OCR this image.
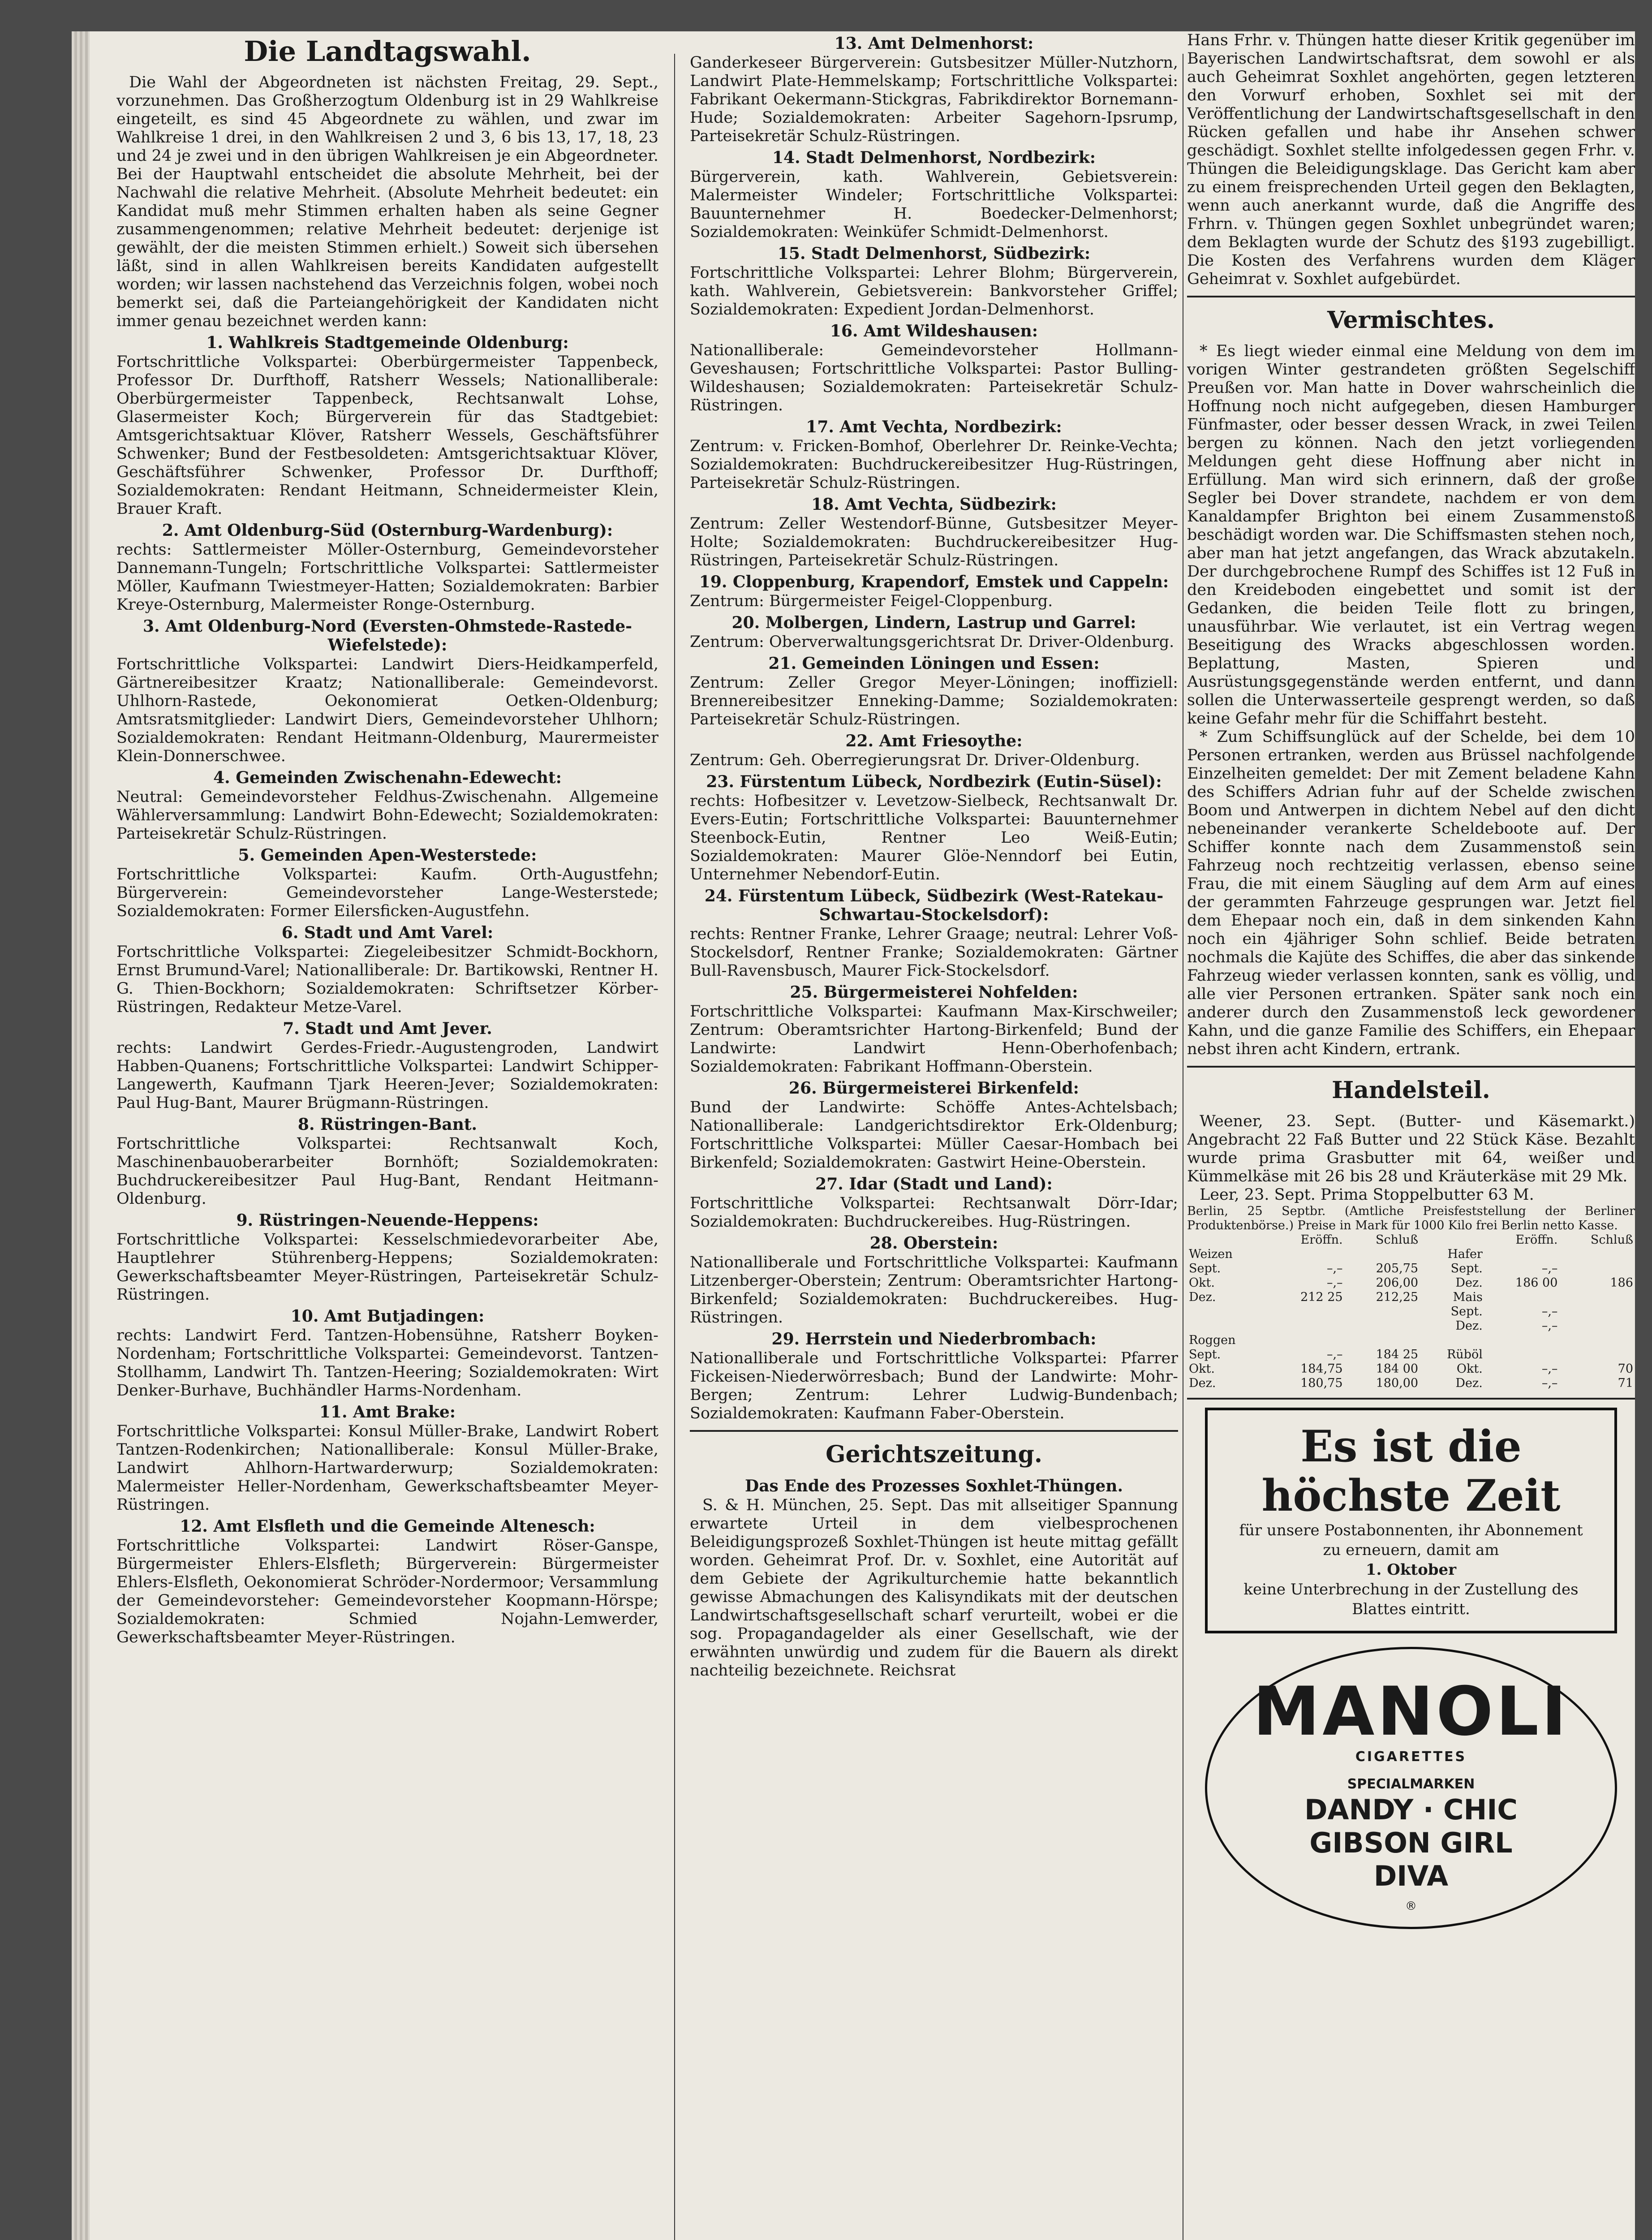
Die Landtagswahl.

Die Wahl der Abgeordneten ist nächsten Freitag, 29. Sept., vorzunehmen. Das Großherzogtum Oldenburg ist in 29 Wahlkreise eingeteilt, es sind 45 Abgeordnete zu wählen, und zwar im Wahlkreise 1 drei, in den Wahlkreisen 2 und 3, 6 bis 13, 17, 18, 23 und 24 je zwei und in den übrigen Wahlkreisen je ein Abgeordneter. Bei der Hauptwahl entscheidet die absolute Mehrheit, bei der Nachwahl die relative Mehrheit. (Absolute Mehrheit bedeutet: ein Kandidat muß mehr Stimmen erhalten haben als seine Gegner zusammengenommen; relative Mehrheit bedeutet: derjenige ist gewählt, der die meisten Stimmen erhielt.) Soweit sich übersehen läßt, sind in allen Wahlkreisen bereits Kandidaten aufgestellt worden; wir lassen nachstehend das Verzeichnis folgen, wobei noch bemerkt sei, daß die Parteiangehörigkeit der Kandidaten nicht immer genau bezeichnet werden kann:

1. Wahlkreis Stadtgemeinde Oldenburg:

Fortschrittliche Volkspartei: Oberbürgermeister Tappenbeck, Professor Dr. Durfthoff, Ratsherr Wessels; Nationalliberale: Oberbürgermeister Tappenbeck, Rechtsanwalt Lohse, Glasermeister Koch; Bürgerverein für das Stadtgebiet: Amtsgerichtsaktuar Klöver, Ratsherr Wessels, Geschäftsführer Schwenker; Bund der Festbesoldeten: Amtsgerichtsaktuar Klöver, Geschäftsführer Schwenker, Professor Dr. Durfthoff; Sozialdemokraten: Rendant Heitmann, Schneidermeister Klein, Brauer Kraft.

2. Amt Oldenburg-Süd (Osternburg-Wardenburg):

rechts: Sattlermeister Möller-Osternburg, Gemeindevorsteher Dannemann-Tungeln; Fortschrittliche Volkspartei: Sattlermeister Möller, Kaufmann Twiestmeyer-Hatten; Sozialdemokraten: Barbier Kreye-Osternburg, Malermeister Ronge-Osternburg.

3. Amt Oldenburg-Nord (Eversten-Ohmstede-Rastede-Wiefelstede):

Fortschrittliche Volkspartei: Landwirt Diers-Heidkamperfeld, Gärtnereibesitzer Kraatz; Nationalliberale: Gemeindevorst. Uhlhorn-Rastede, Oekonomierat Oetken-Oldenburg; Amtsratsmitglieder: Landwirt Diers, Gemeindevorsteher Uhlhorn; Sozialdemokraten: Rendant Heitmann-Oldenburg, Maurermeister Klein-Donnerschwee.

4. Gemeinden Zwischenahn-Edewecht:

Neutral: Gemeindevorsteher Feldhus-Zwischenahn. Allgemeine Wählerversammlung: Landwirt Bohn-Edewecht; Sozialdemokraten: Parteisekretär Schulz-Rüstringen.

5. Gemeinden Apen-Westerstede:

Fortschrittliche Volkspartei: Kaufm. Orth-Augustfehn; Bürgerverein: Gemeindevorsteher Lange-Westerstede; Sozialdemokraten: Former Eilersficken-Augustfehn.

6. Stadt und Amt Varel:

Fortschrittliche Volkspartei: Ziegeleibesitzer Schmidt-Bockhorn, Ernst Brumund-Varel; Nationalliberale: Dr. Bartikowski, Rentner H. G. Thien-Bockhorn; Sozialdemokraten: Schriftsetzer Körber-Rüstringen, Redakteur Metze-Varel.

7. Stadt und Amt Jever.

rechts: Landwirt Gerdes-Friedr.-Augustengroden, Landwirt Habben-Quanens; Fortschrittliche Volkspartei: Landwirt Schipper-Langewerth, Kaufmann Tjark Heeren-Jever; Sozialdemokraten: Paul Hug-Bant, Maurer Brügmann-Rüstringen.

8. Rüstringen-Bant.

Fortschrittliche Volkspartei: Rechtsanwalt Koch, Maschinenbauoberarbeiter Bornhöft; Sozialdemokraten: Buchdruckereibesitzer Paul Hug-Bant, Rendant Heitmann-Oldenburg.

9. Rüstringen-Neuende-Heppens:

Fortschrittliche Volkspartei: Kesselschmiedevorarbeiter Abe, Hauptlehrer Stührenberg-Heppens; Sozialdemokraten: Gewerkschaftsbeamter Meyer-Rüstringen, Parteisekretär Schulz-Rüstringen.

10. Amt Butjadingen:

rechts: Landwirt Ferd. Tantzen-Hobensühne, Ratsherr Boyken-Nordenham; Fortschrittliche Volkspartei: Gemeindevorst. Tantzen-Stollhamm, Landwirt Th. Tantzen-Heering; Sozialdemokraten: Wirt Denker-Burhave, Buchhändler Harms-Nordenham.

11. Amt Brake:

Fortschrittliche Volkspartei: Konsul Müller-Brake, Landwirt Robert Tantzen-Rodenkirchen; Nationalliberale: Konsul Müller-Brake, Landwirt Ahlhorn-Hartwarderwurp; Sozialdemokraten: Malermeister Heller-Nordenham, Gewerkschaftsbeamter Meyer-Rüstringen.

12. Amt Elsfleth und die Gemeinde Altenesch:

Fortschrittliche Volkspartei: Landwirt Röser-Ganspe, Bürgermeister Ehlers-Elsfleth; Bürgerverein: Bürgermeister Ehlers-Elsfleth, Oekonomierat Schröder-Nordermoor; Versammlung der Gemeindevorsteher: Gemeindevorsteher Koopmann-Hörspe; Sozialdemokraten: Schmied Nojahn-Lemwerder, Gewerkschaftsbeamter Meyer-Rüstringen.

13. Amt Delmenhorst:

Ganderkeseer Bürgerverein: Gutsbesitzer Müller-Nutzhorn, Landwirt Plate-Hemmelskamp; Fortschrittliche Volkspartei: Fabrikant Oekermann-Stickgras, Fabrikdirektor Bornemann-Hude; Sozialdemokraten: Arbeiter Sagehorn-Ipsrump, Parteisekretär Schulz-Rüstringen.

14. Stadt Delmenhorst, Nordbezirk:

Bürgerverein, kath. Wahlverein, Gebietsverein: Malermeister Windeler; Fortschrittliche Volkspartei: Bauunternehmer H. Boedecker-Delmenhorst; Sozialdemokraten: Weinküfer Schmidt-Delmenhorst.

15. Stadt Delmenhorst, Südbezirk:

Fortschrittliche Volkspartei: Lehrer Blohm; Bürgerverein, kath. Wahlverein, Gebietsverein: Bankvorsteher Griffel; Sozialdemokraten: Expedient Jordan-Delmenhorst.

16. Amt Wildeshausen:

Nationalliberale: Gemeindevorsteher Hollmann-Geveshausen; Fortschrittliche Volkspartei: Pastor Bulling-Wildeshausen; Sozialdemokraten: Parteisekretär Schulz-Rüstringen.

17. Amt Vechta, Nordbezirk:

Zentrum: v. Fricken-Bomhof, Oberlehrer Dr. Reinke-Vechta; Sozialdemokraten: Buchdruckereibesitzer Hug-Rüstringen, Parteisekretär Schulz-Rüstringen.

18. Amt Vechta, Südbezirk:

Zentrum: Zeller Westendorf-Bünne, Gutsbesitzer Meyer-Holte; Sozialdemokraten: Buchdruckereibesitzer Hug-Rüstringen, Parteisekretär Schulz-Rüstringen.

19. Cloppenburg, Krapendorf, Emstek und Cappeln:

Zentrum: Bürgermeister Feigel-Cloppenburg.

20. Molbergen, Lindern, Lastrup und Garrel:

Zentrum: Oberverwaltungsgerichtsrat Dr. Driver-Oldenburg.

21. Gemeinden Löningen und Essen:

Zentrum: Zeller Gregor Meyer-Löningen; inoffiziell: Brennereibesitzer Enneking-Damme; Sozialdemokraten: Parteisekretär Schulz-Rüstringen.

22. Amt Friesoythe:

Zentrum: Geh. Oberregierungsrat Dr. Driver-Oldenburg.

23. Fürstentum Lübeck, Nordbezirk (Eutin-Süsel):

rechts: Hofbesitzer v. Levetzow-Sielbeck, Rechtsanwalt Dr. Evers-Eutin; Fortschrittliche Volkspartei: Bauunternehmer Steenbock-Eutin, Rentner Leo Weiß-Eutin; Sozialdemokraten: Maurer Glöe-Nenndorf bei Eutin, Unternehmer Nebendorf-Eutin.

24. Fürstentum Lübeck, Südbezirk (West-Ratekau-Schwartau-Stockelsdorf):

rechts: Rentner Franke, Lehrer Graage; neutral: Lehrer Voß-Stockelsdorf, Rentner Franke; Sozialdemokraten: Gärtner Bull-Ravensbusch, Maurer Fick-Stockelsdorf.

25. Bürgermeisterei Nohfelden:

Fortschrittliche Volkspartei: Kaufmann Max-Kirschweiler; Zentrum: Oberamtsrichter Hartong-Birkenfeld; Bund der Landwirte: Landwirt Henn-Oberhofenbach; Sozialdemokraten: Fabrikant Hoffmann-Oberstein.

26. Bürgermeisterei Birkenfeld:

Bund der Landwirte: Schöffe Antes-Achtelsbach; Nationalliberale: Landgerichtsdirektor Erk-Oldenburg; Fortschrittliche Volkspartei: Müller Caesar-Hombach bei Birkenfeld; Sozialdemokraten: Gastwirt Heine-Oberstein.

27. Idar (Stadt und Land):

Fortschrittliche Volkspartei: Rechtsanwalt Dörr-Idar; Sozialdemokraten: Buchdruckereibes. Hug-Rüstringen.

28. Oberstein:

Nationalliberale und Fortschrittliche Volkspartei: Kaufmann Litzenberger-Oberstein; Zentrum: Oberamtsrichter Hartong-Birkenfeld; Sozialdemokraten: Buchdruckereibes. Hug-Rüstringen.

29. Herrstein und Niederbrombach:

Nationalliberale und Fortschrittliche Volkspartei: Pfarrer Fickeisen-Niederwörresbach; Bund der Landwirte: Mohr-Bergen; Zentrum: Lehrer Ludwig-Bundenbach; Sozialdemokraten: Kaufmann Faber-Oberstein.

Gerichtszeitung.
Das Ende des Prozesses Soxhlet-Thüngen.

S. & H. München, 25. Sept. Das mit allseitiger Spannung erwartete Urteil in dem vielbesprochenen Beleidigungsprozeß Soxhlet-Thüngen ist heute mittag gefällt worden. Geheimrat Prof. Dr. v. Soxhlet, eine Autorität auf dem Gebiete der Agrikulturchemie hatte bekanntlich gewisse Abmachungen des Kalisyndikats mit der deutschen Landwirtschaftsgesellschaft scharf verurteilt, wobei er die sog. Propagandagelder als einer Gesellschaft, wie der erwähnten unwürdig und zudem für die Bauern als direkt nachteilig bezeichnete. Reichsrat

Hans Frhr. v. Thüngen hatte dieser Kritik gegenüber im Bayerischen Landwirtschaftsrat, dem sowohl er als auch Geheimrat Soxhlet angehörten, gegen letzteren den Vorwurf erhoben, Soxhlet sei mit der Veröffentlichung der Landwirtschaftsgesellschaft in den Rücken gefallen und habe ihr Ansehen schwer geschädigt. Soxhlet stellte infolgedessen gegen Frhr. v. Thüngen die Beleidigungsklage. Das Gericht kam aber zu einem freisprechenden Urteil gegen den Beklagten, wenn auch anerkannt wurde, daß die Angriffe des Frhrn. v. Thüngen gegen Soxhlet unbegründet waren; dem Beklagten wurde der Schutz des §193 zugebilligt. Die Kosten des Verfahrens wurden dem Kläger Geheimrat v. Soxhlet aufgebürdet.

Vermischtes.

* Es liegt wieder einmal eine Meldung von dem im vorigen Winter gestrandeten größten Segelschiff Preußen vor. Man hatte in Dover wahrscheinlich die Hoffnung noch nicht aufgegeben, diesen Hamburger Fünfmaster, oder besser dessen Wrack, in zwei Teilen bergen zu können. Nach den jetzt vorliegenden Meldungen geht diese Hoffnung aber nicht in Erfüllung. Man wird sich erinnern, daß der große Segler bei Dover strandete, nachdem er von dem Kanaldampfer Brighton bei einem Zusammenstoß beschädigt worden war. Die Schiffsmasten stehen noch, aber man hat jetzt angefangen, das Wrack abzutakeln. Der durchgebrochene Rumpf des Schiffes ist 12 Fuß in den Kreideboden eingebettet und somit ist der Gedanken, die beiden Teile flott zu bringen, unausführbar. Wie verlautet, ist ein Vertrag wegen Beseitigung des Wracks abgeschlossen worden. Beplattung, Masten, Spieren und Ausrüstungsgegenstände werden entfernt, und dann sollen die Unterwasserteile gesprengt werden, so daß keine Gefahr mehr für die Schiffahrt besteht.

* Zum Schiffsunglück auf der Schelde, bei dem 10 Personen ertranken, werden aus Brüssel nachfolgende Einzelheiten gemeldet: Der mit Zement beladene Kahn des Schiffers Adrian fuhr auf der Schelde zwischen Boom und Antwerpen in dichtem Nebel auf den dicht nebeneinander verankerte Scheldeboote auf. Der Schiffer konnte nach dem Zusammenstoß sein Fahrzeug noch rechtzeitig verlassen, ebenso seine Frau, die mit einem Säugling auf dem Arm auf eines der gerammten Fahrzeuge gesprungen war. Jetzt fiel dem Ehepaar noch ein, daß in dem sinkenden Kahn noch ein 4jähriger Sohn schlief. Beide betraten nochmals die Kajüte des Schiffes, die aber das sinkende Fahrzeug wieder verlassen konnten, sank es völlig, und alle vier Personen ertranken. Später sank noch ein anderer durch den Zusammenstoß leck gewordener Kahn, und die ganze Familie des Schiffers, ein Ehepaar nebst ihren acht Kindern, ertrank.

Handelsteil.

Weener, 23. Sept. (Butter- und Käsemarkt.) Angebracht 22 Faß Butter und 22 Stück Käse. Bezahlt wurde prima Grasbutter mit 64, weißer und Kümmelkäse mit 26 bis 28 und Kräuterkäse mit 29 Mk.

Leer, 23. Sept. Prima Stoppelbutter 63 M.

Berlin, 25 Septbr. (Amtliche Preisfeststellung der Berliner Produktenbörse.) Preise in Mark für 1000 Kilo frei Berlin netto Kasse.

	Eröffn.	Schluß		Eröffn.	Schluß
Weizen			Hafer		
Sept.	–,–	205,75	Sept.	–,–	
Okt.	–,–	206,00	Dez.	186 00	186
Dez.	212 25	212,25	Mais		
			Sept.	–,–	
			Dez.	–,–	
Roggen					
Sept.	–,–	184 25	Rüböl		
Okt.	184,75	184 00	Okt.	–,–	70
Dez.	180,75	180,00	Dez.	–,–	71
Es ist die höchste Zeit

für unsere Postabonnenten, ihr Abonnement zu erneuern, damit am

1. Oktober

keine Unterbrechung in der Zustellung des Blattes eintritt.

MANOLI
CIGARETTES
SPECIALMARKEN
DANDY · CHIC
GIBSON GIRL
DIVA
®
